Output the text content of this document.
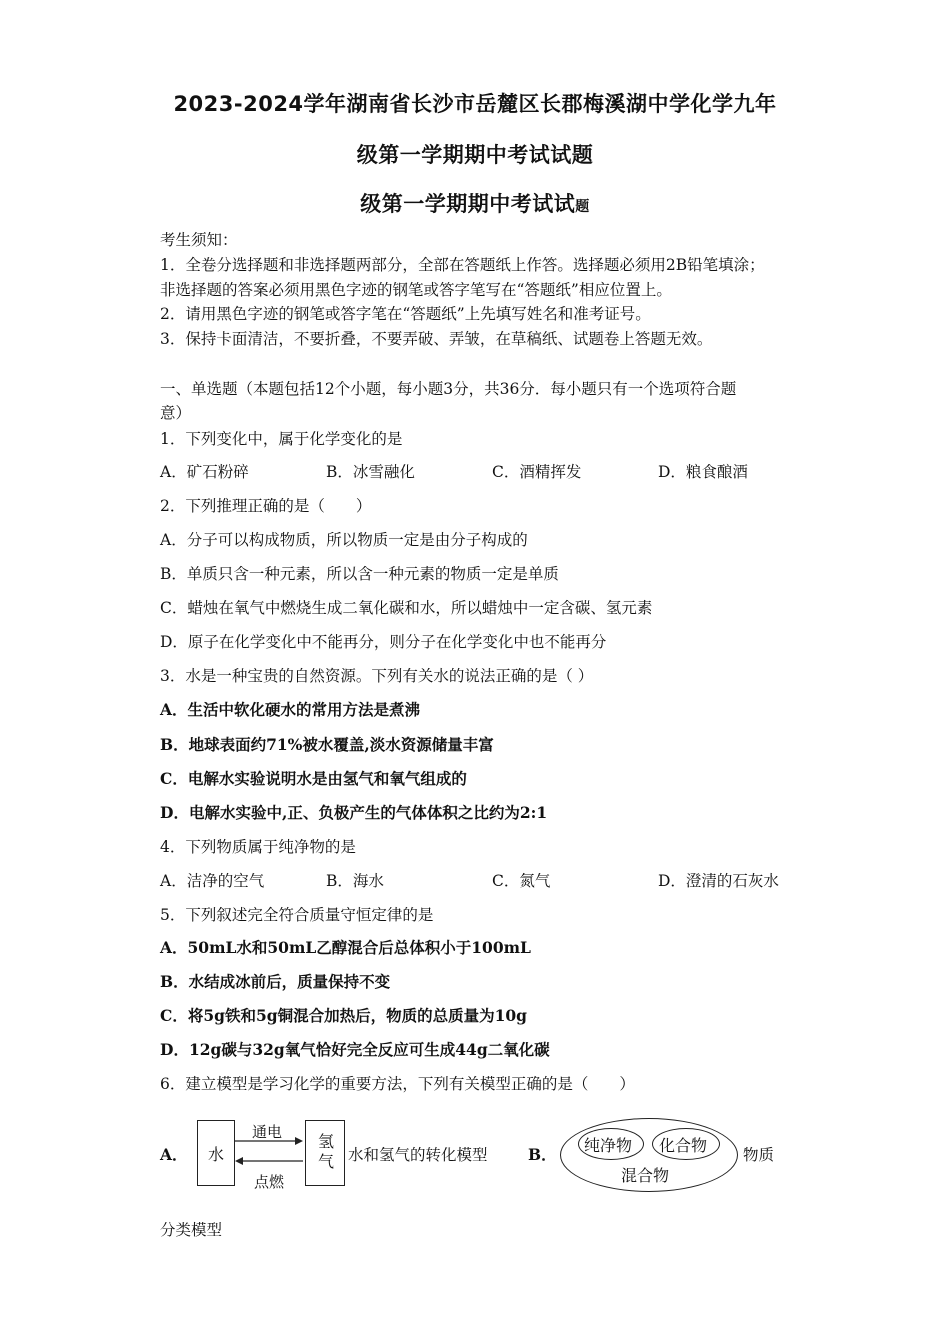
2023-2024学年湖南省长沙市岳麓区长郡梅溪湖中学化学九年
级第一学期期中考试试题
级第一学期期中考试试题
考生须知：
1．全卷分选择题和非选择题两部分，全部在答题纸上作答。选择题必须用2B铅笔填涂；
非选择题的答案必须用黑色字迹的钢笔或答字笔写在“答题纸”相应位置上。
2．请用黑色字迹的钢笔或答字笔在“答题纸”上先填写姓名和准考证号。
3．保持卡面清洁，不要折叠，不要弄破、弄皱，在草稿纸、试题卷上答题无效。
一、单选题（本题包括12个小题，每小题3分，共36分．每小题只有一个选项符合题
意）
1．下列变化中，属于化学变化的是
A．矿石粉碎	B．冰雪融化	C．酒精挥发	D．粮食酿酒
2．下列推理正确的是（　　）
A．分子可以构成物质，所以物质一定是由分子构成的
B．单质只含一种元素，所以含一种元素的物质一定是单质
C．蜡烛在氧气中燃烧生成二氧化碳和水，所以蜡烛中一定含碳、氢元素
D．原子在化学变化中不能再分，则分子在化学变化中也不能再分
3．水是一种宝贵的自然资源。下列有关水的说法正确的是（ ）
A．生活中软化硬水的常用方法是煮沸
B．地球表面约71%被水覆盖,淡水资源储量丰富
C．电解水实验说明水是由氢气和氧气组成的
D．电解水实验中,正、负极产生的气体体积之比约为2:1
4．下列物质属于纯净物的是
A．洁净的空气	B．海水	C．氮气	D．澄清的石灰水
5．下列叙述完全符合质量守恒定律的是
A．50mL水和50mL乙醇混合后总体积小于100mL
B．水结成冰前后，质量保持不变
C．将5g铁和5g铜混合加热后，物质的总质量为10g
D．12g碳与32g氧气恰好完全反应可生成44g二氧化碳
6．建立模型是学习化学的重要方法，下列有关模型正确的是（　　）
A． 水	氢气
通电
点燃
水和氢气的转化模型	B． 纯净物 化合物
混合物
物质
分类模型
